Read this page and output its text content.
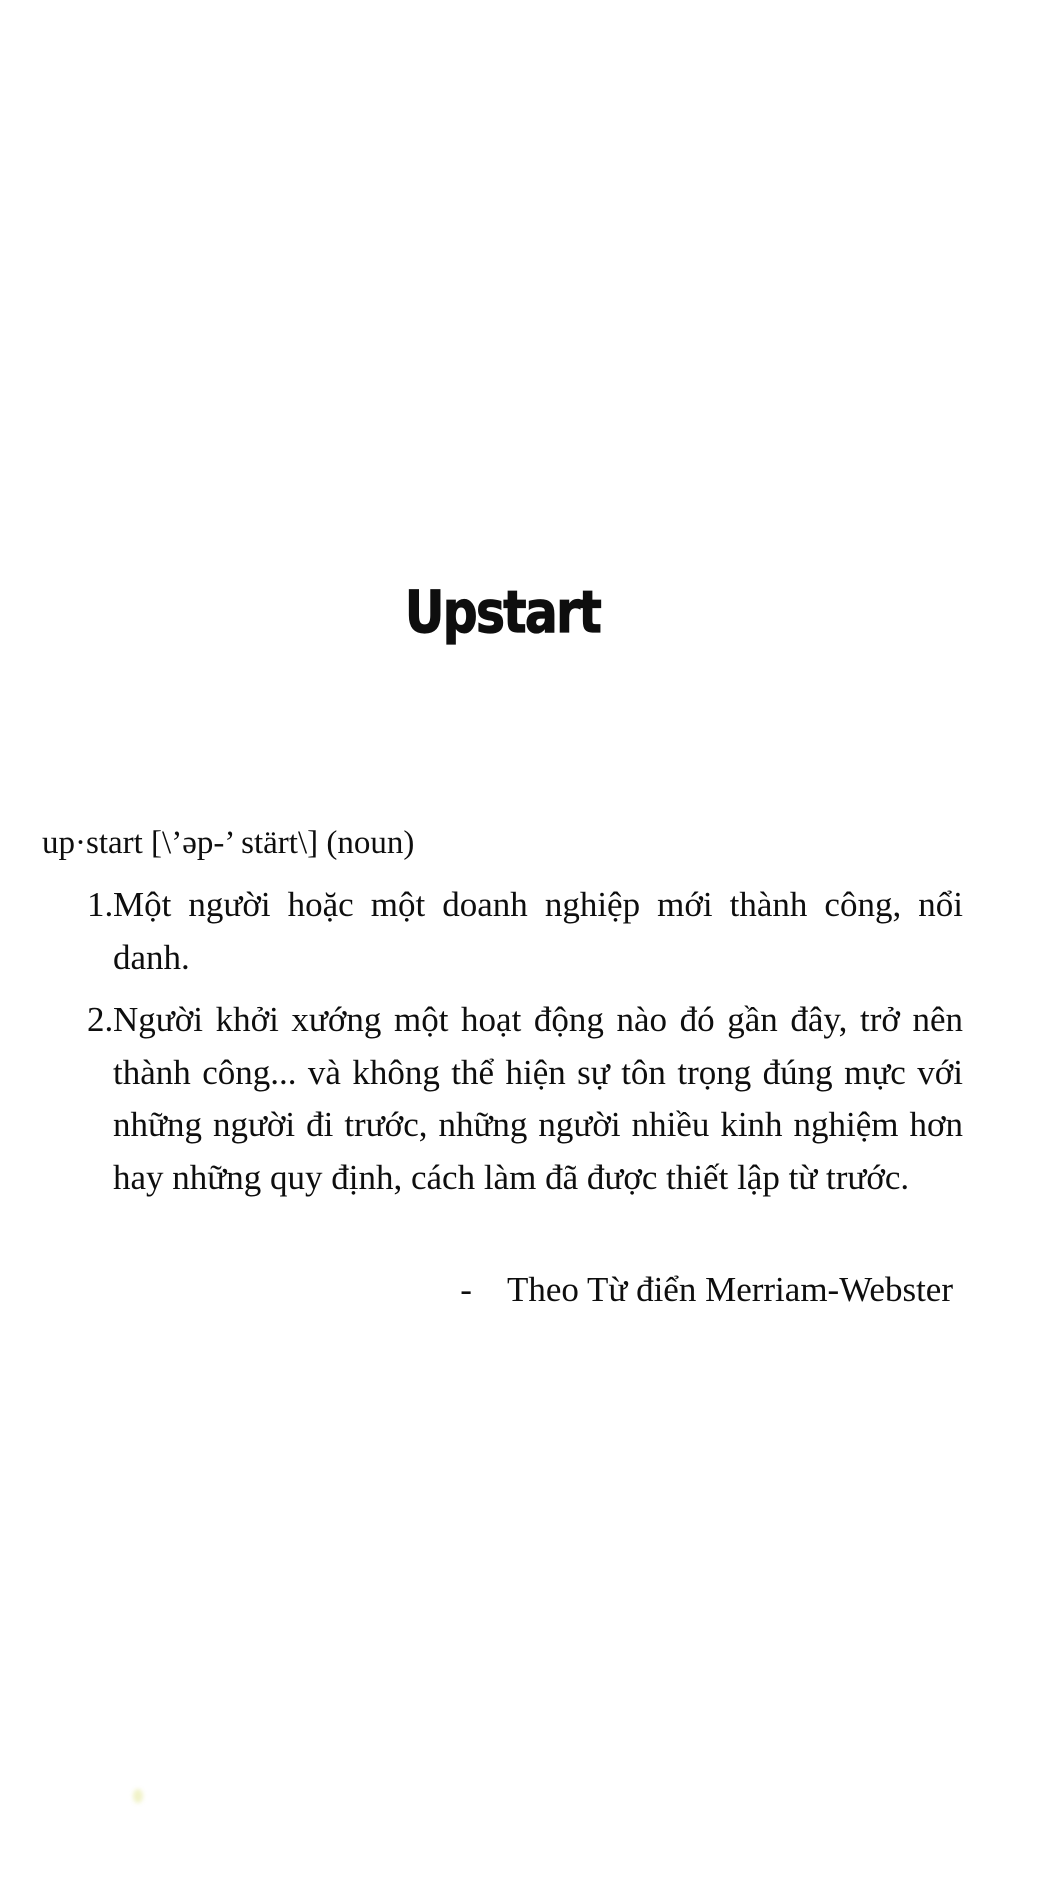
Upstart

up·start [\’əp-’ stärt\] (noun)

1. Một người hoặc một doanh nghiệp mới thành công, nổi danh.
2. Người khởi xướng một hoạt động nào đó gần đây, trở nên thành công... và không thể hiện sự tôn trọng đúng mực với những người đi trước, những người nhiều kinh nghiệm hơn hay những quy định, cách làm đã được thiết lập từ trước.

- Theo Từ điển Merriam-Webster
